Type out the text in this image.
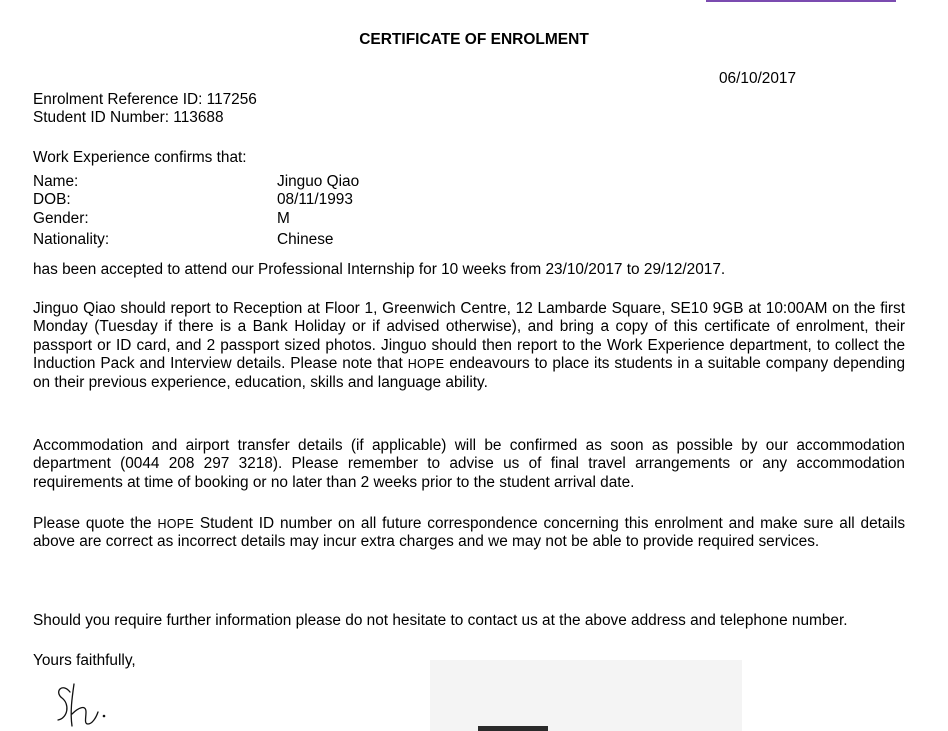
CERTIFICATE OF ENROLMENT
06/10/2017
Enrolment Reference ID: 117256
Student ID Number: 113688
Work Experience confirms that:
Name:	Jinguo Qiao
DOB:	08/11/1993
Gender:	M
Nationality:	Chinese
has been accepted to attend our Professional Internship for 10 weeks from 23/10/2017 to 29/12/2017.
Jinguo Qiao should report to Reception at Floor 1, Greenwich Centre, 12 Lambarde Square, SE10 9GB at 10:00AM on the first Monday (Tuesday if there is a Bank Holiday or if advised otherwise), and bring a copy of this certificate of enrolment, their passport or ID card, and 2 passport sized photos. Jinguo should then report to the Work Experience department, to collect the Induction Pack and Interview details. Please note that HOPE endeavours to place its students in a suitable company depending on their previous experience, education, skills and language ability.
Accommodation and airport transfer details (if applicable) will be confirmed as soon as possible by our accommodation department (0044 208 297 3218). Please remember to advise us of final travel arrangements or any accommodation requirements at time of booking or no later than 2 weeks prior to the student arrival date.
Please quote the HOPE Student ID number on all future correspondence concerning this enrolment and make sure all details above are correct as incorrect details may incur extra charges and we may not be able to provide required services.
Should you require further information please do not hesitate to contact us at the above address and telephone number.
Yours faithfully,
